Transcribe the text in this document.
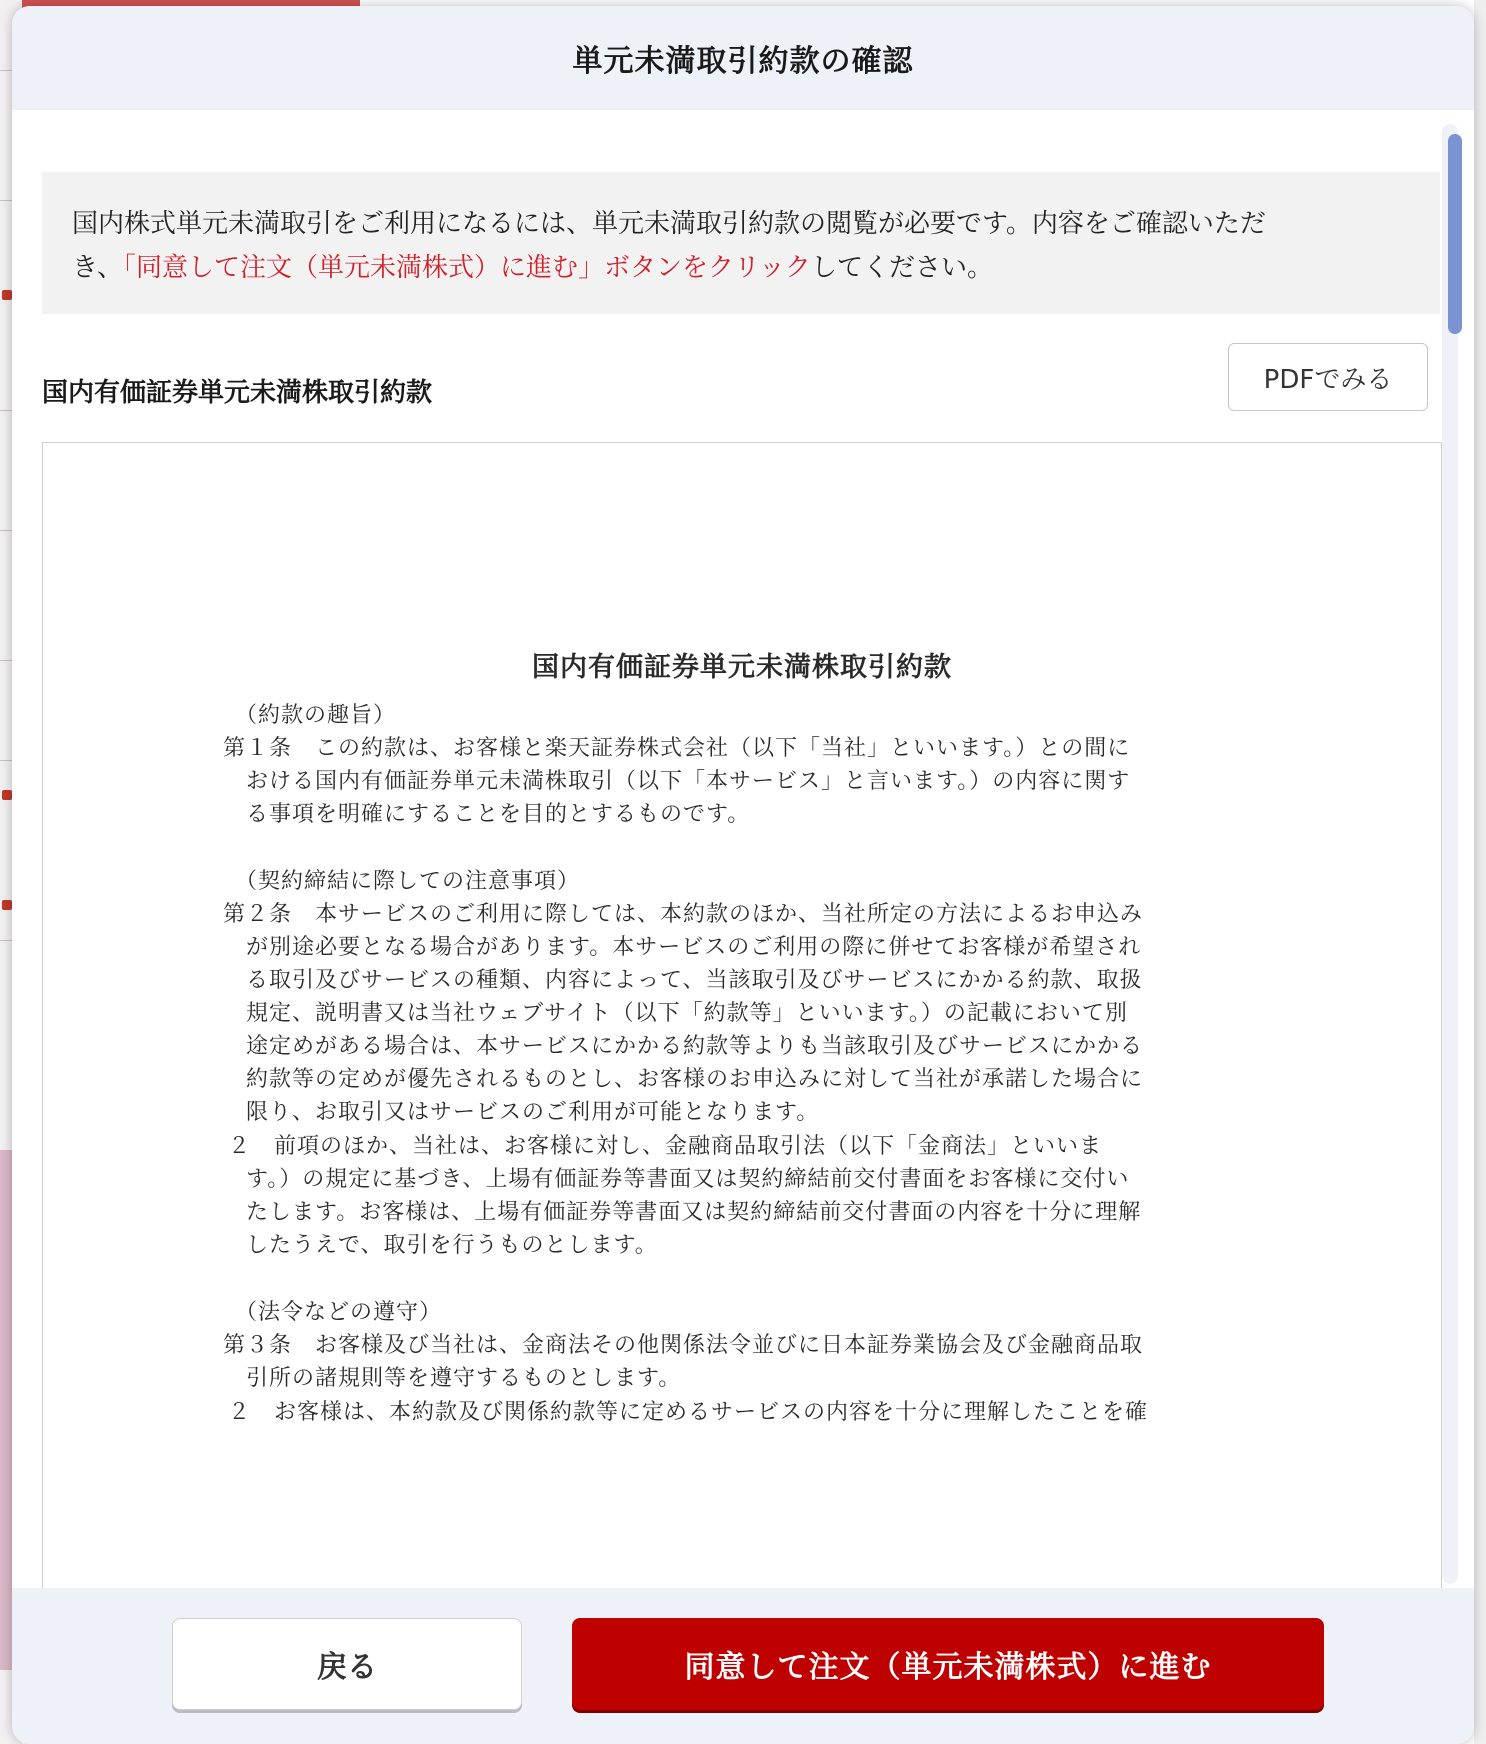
単元未満取引約款の確認
国内株式単元未満取引をご利用になるには、単元未満取引約款の閲覧が必要です。内容をご確認いただ
き、「同意して注文（単元未満株式）に進む」ボタンをクリックしてください。
国内有価証券単元未満株取引約款	PDFでみる
国内有価証券単元未満株取引約款
（約款の趣旨）
第１条　この約款は、お客様と楽天証券株式会社（以下「当社」といいます。）との間に
おける国内有価証券単元未満株取引（以下「本サービス」と言います。）の内容に関す
る事項を明確にすることを目的とするものです。
（契約締結に際しての注意事項）
第２条　本サービスのご利用に際しては、本約款のほか、当社所定の方法によるお申込み
が別途必要となる場合があります。本サービスのご利用の際に併せてお客様が希望され
る取引及びサービスの種類、内容によって、当該取引及びサービスにかかる約款、取扱
規定、説明書又は当社ウェブサイト（以下「約款等」といいます。）の記載において別
途定めがある場合は、本サービスにかかる約款等よりも当該取引及びサービスにかかる
約款等の定めが優先されるものとし、お客様のお申込みに対して当社が承諾した場合に
限り、お取引又はサービスのご利用が可能となります。
２　前項のほか、当社は、お客様に対し、金融商品取引法（以下「金商法」といいま
す。）の規定に基づき、上場有価証券等書面又は契約締結前交付書面をお客様に交付い
たします。お客様は、上場有価証券等書面又は契約締結前交付書面の内容を十分に理解
したうえで、取引を行うものとします。
（法令などの遵守）
第３条　お客様及び当社は、金商法その他関係法令並びに日本証券業協会及び金融商品取
引所の諸規則等を遵守するものとします。
２　お客様は、本約款及び関係約款等に定めるサービスの内容を十分に理解したことを確
戻る	同意して注文（単元未満株式）に進む
